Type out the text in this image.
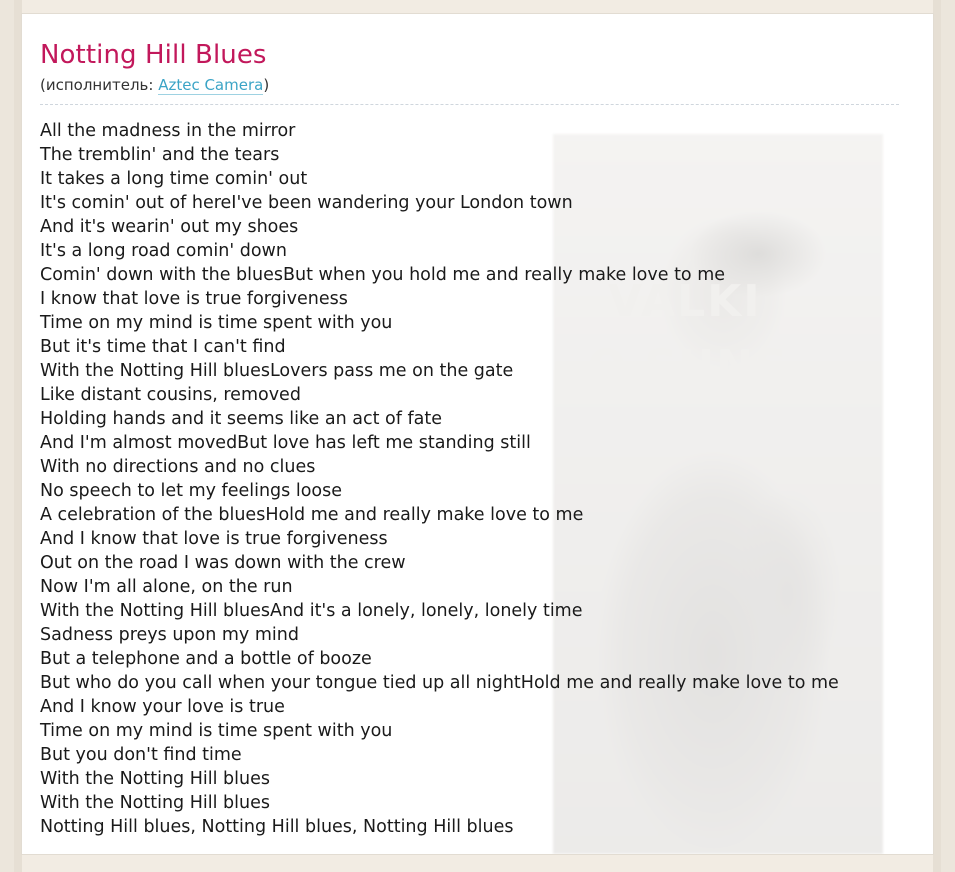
VALKI
O SUNS
Notting Hill Blues
(исполнитель: Aztec Camera)
All the madness in the mirror
The tremblin' and the tears
It takes a long time comin' out
It's comin' out of hereI've been wandering your London town
And it's wearin' out my shoes
It's a long road comin' down
Comin' down with the bluesBut when you hold me and really make love to me
I know that love is true forgiveness
Time on my mind is time spent with you
But it's time that I can't find
With the Notting Hill bluesLovers pass me on the gate
Like distant cousins, removed
Holding hands and it seems like an act of fate
And I'm almost movedBut love has left me standing still
With no directions and no clues
No speech to let my feelings loose
A celebration of the bluesHold me and really make love to me
And I know that love is true forgiveness
Out on the road I was down with the crew
Now I'm all alone, on the run
With the Notting Hill bluesAnd it's a lonely, lonely, lonely time
Sadness preys upon my mind
But a telephone and a bottle of booze
But who do you call when your tongue tied up all nightHold me and really make love to me
And I know your love is true
Time on my mind is time spent with you
But you don't find time
With the Notting Hill blues
With the Notting Hill blues
Notting Hill blues, Notting Hill blues, Notting Hill blues
